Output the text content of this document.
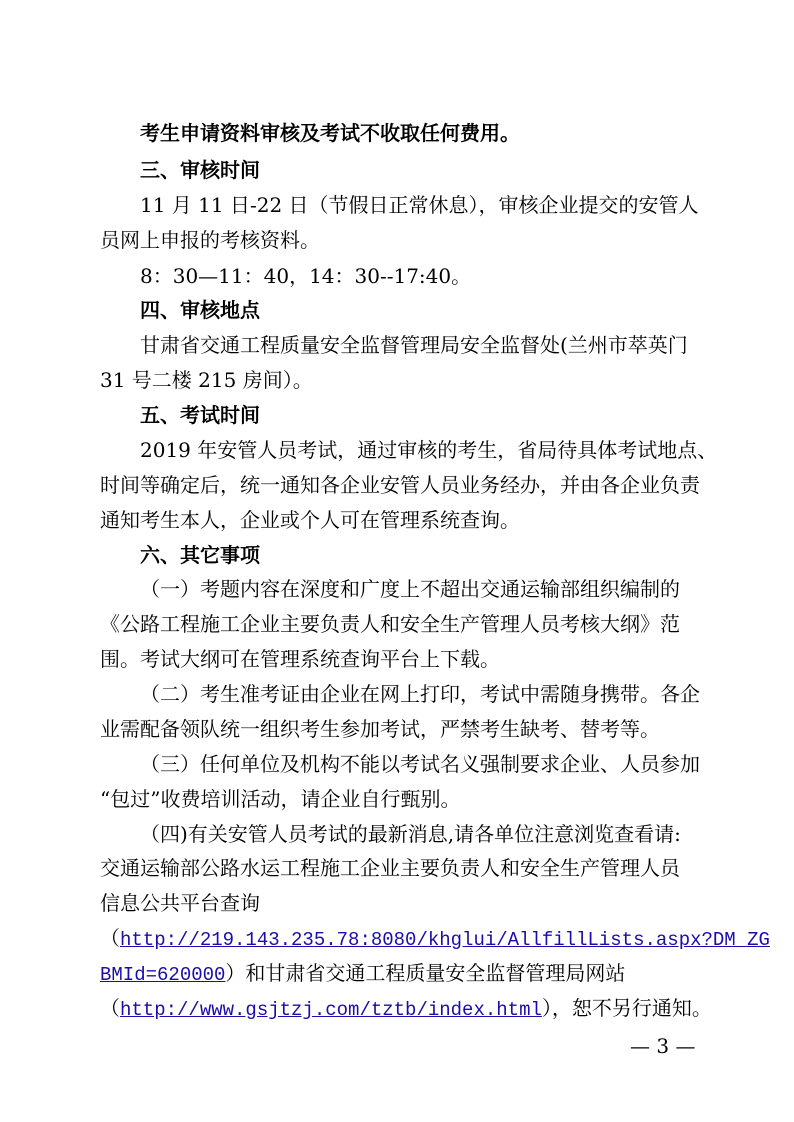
考生申请资料审核及考试不收取任何费用。
三、审核时间
11 月 11 日-22 日（节假日正常休息），审核企业提交的安管人
员网上申报的考核资料。
8：30—11：40，14：30--17:40。
四、审核地点
甘肃省交通工程质量安全监督管理局安全监督处(兰州市萃英门
31 号二楼 215 房间）。
五、考试时间
2019 年安管人员考试，通过审核的考生，省局待具体考试地点、
时间等确定后，统一通知各企业安管人员业务经办，并由各企业负责
通知考生本人，企业或个人可在管理系统查询。
六、其它事项
（一）考题内容在深度和广度上不超出交通运输部组织编制的
《公路工程施工企业主要负责人和安全生产管理人员考核大纲》范
围。考试大纲可在管理系统查询平台上下载。
（二）考生准考证由企业在网上打印，考试中需随身携带。各企
业需配备领队统一组织考生参加考试，严禁考生缺考、替考等。
（三）任何单位及机构不能以考试名义强制要求企业、人员参加
“包过”收费培训活动，请企业自行甄别。
（四)有关安管人员考试的最新消息,请各单位注意浏览查看请:
交通运输部公路水运工程施工企业主要负责人和安全生产管理人员
信息公共平台查询
（http://219.143.235.78:8080/khglui/AllfillLists.aspx?DM_ZG
BMId=620000）和甘肃省交通工程质量安全监督管理局网站
（http://www.gsjtzj.com/tztb/index.html），恕不另行通知。
— 3 —
